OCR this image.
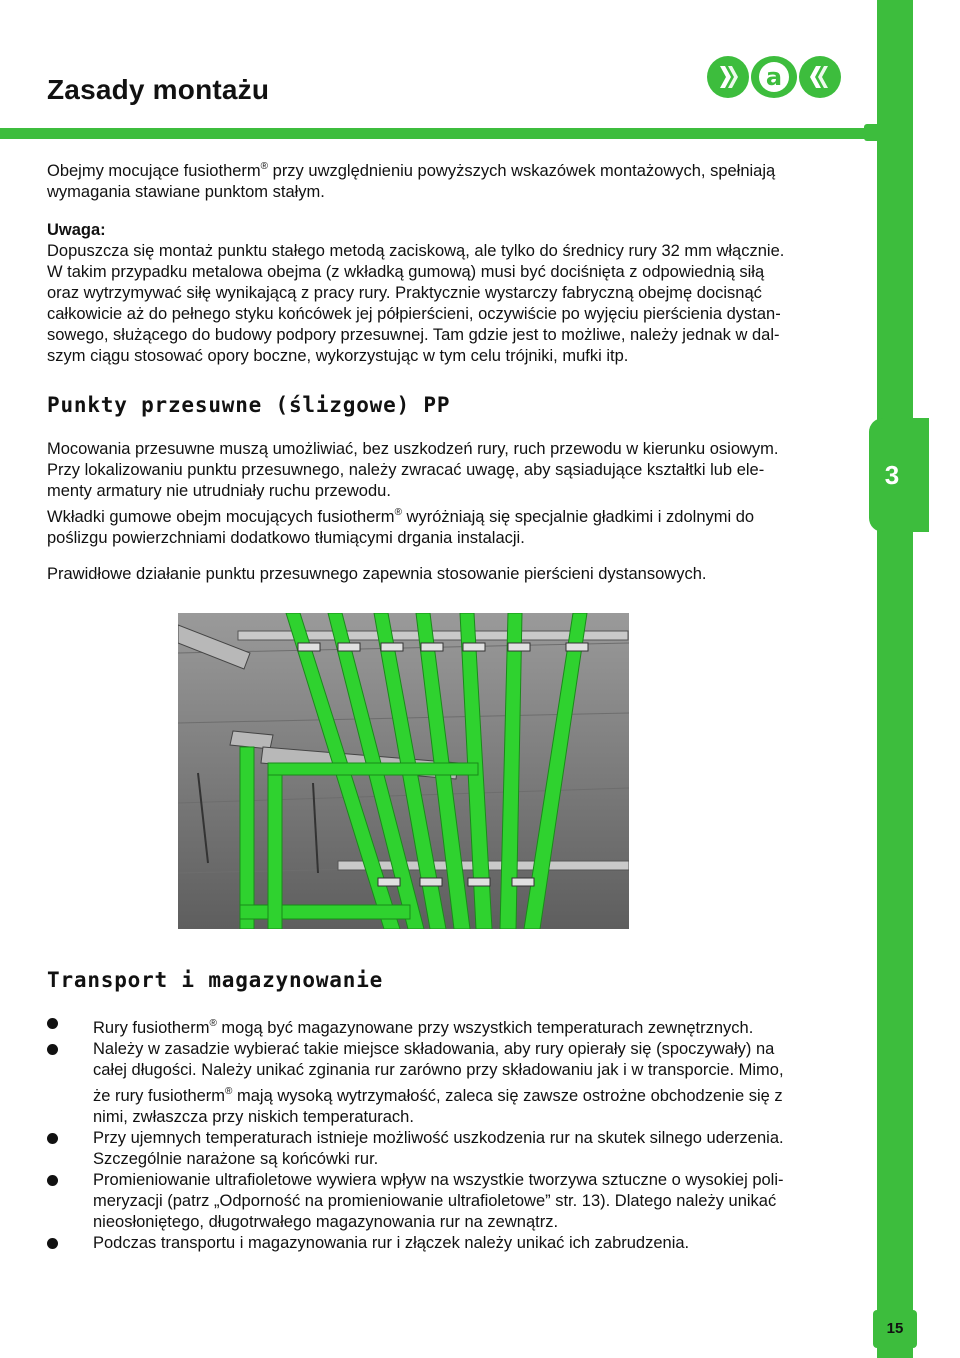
Zasady montażu	a
3
Obejmy mocujące fusiotherm® przy uwzględnieniu powyższych wskazówek montażowych, spełniają
wymagania stawiane punktom stałym.
Uwaga:
Dopuszcza się montaż punktu stałego metodą zaciskową, ale tylko do średnicy rury 32 mm włącznie.
W takim przypadku metalowa obejma (z wkładką gumową) musi być dociśnięta z odpowiednią siłą
oraz wytrzymywać siłę wynikającą z pracy rury. Praktycznie wystarczy fabryczną obejmę docisnąć
całkowicie aż do pełnego styku końcówek jej półpierścieni, oczywiście po wyjęciu pierścienia dystan-
sowego, służącego do budowy podpory przesuwnej. Tam gdzie jest to możliwe, należy jednak w dal-
szym ciągu stosować opory boczne, wykorzystując w tym celu trójniki, mufki itp.
Punkty przesuwne (ślizgowe) PP
Mocowania przesuwne muszą umożliwiać, bez uszkodzeń rury, ruch przewodu w kierunku osiowym.
Przy lokalizowaniu punktu przesuwnego, należy zwracać uwagę, aby sąsiadujące kształtki lub ele-
menty armatury nie utrudniały ruchu przewodu.
Wkładki gumowe obejm mocujących fusiotherm® wyróżniają się specjalnie gładkimi i zdolnymi do
poślizgu powierzchniami dodatkowo tłumiącymi drgania instalacji.
Prawidłowe działanie punktu przesuwnego zapewnia stosowanie pierścieni dystansowych.
Transport i magazynowanie
Rury fusiotherm® mogą być magazynowane przy wszystkich temperaturach zewnętrznych.
Należy w zasadzie wybierać takie miejsce składowania, aby rury opierały się (spoczywały) na
całej długości. Należy unikać zginania rur zarówno przy składowaniu jak i w transporcie. Mimo,
że rury fusiotherm® mają wysoką wytrzymałość, zaleca się zawsze ostrożne obchodzenie się z
nimi, zwłaszcza przy niskich temperaturach.
Przy ujemnych temperaturach istnieje możliwość uszkodzenia rur na skutek silnego uderzenia.
Szczególnie narażone są końcówki rur.
Promieniowanie ultrafioletowe wywiera wpływ na wszystkie tworzywa sztuczne o wysokiej poli-
meryzacji (patrz „Odporność na promieniowanie ultrafioletowe” str. 13). Dlatego należy unikać
nieosłoniętego, długotrwałego magazynowania rur na zewnątrz.
Podczas transportu i magazynowania rur i złączek należy unikać ich zabrudzenia.
15
